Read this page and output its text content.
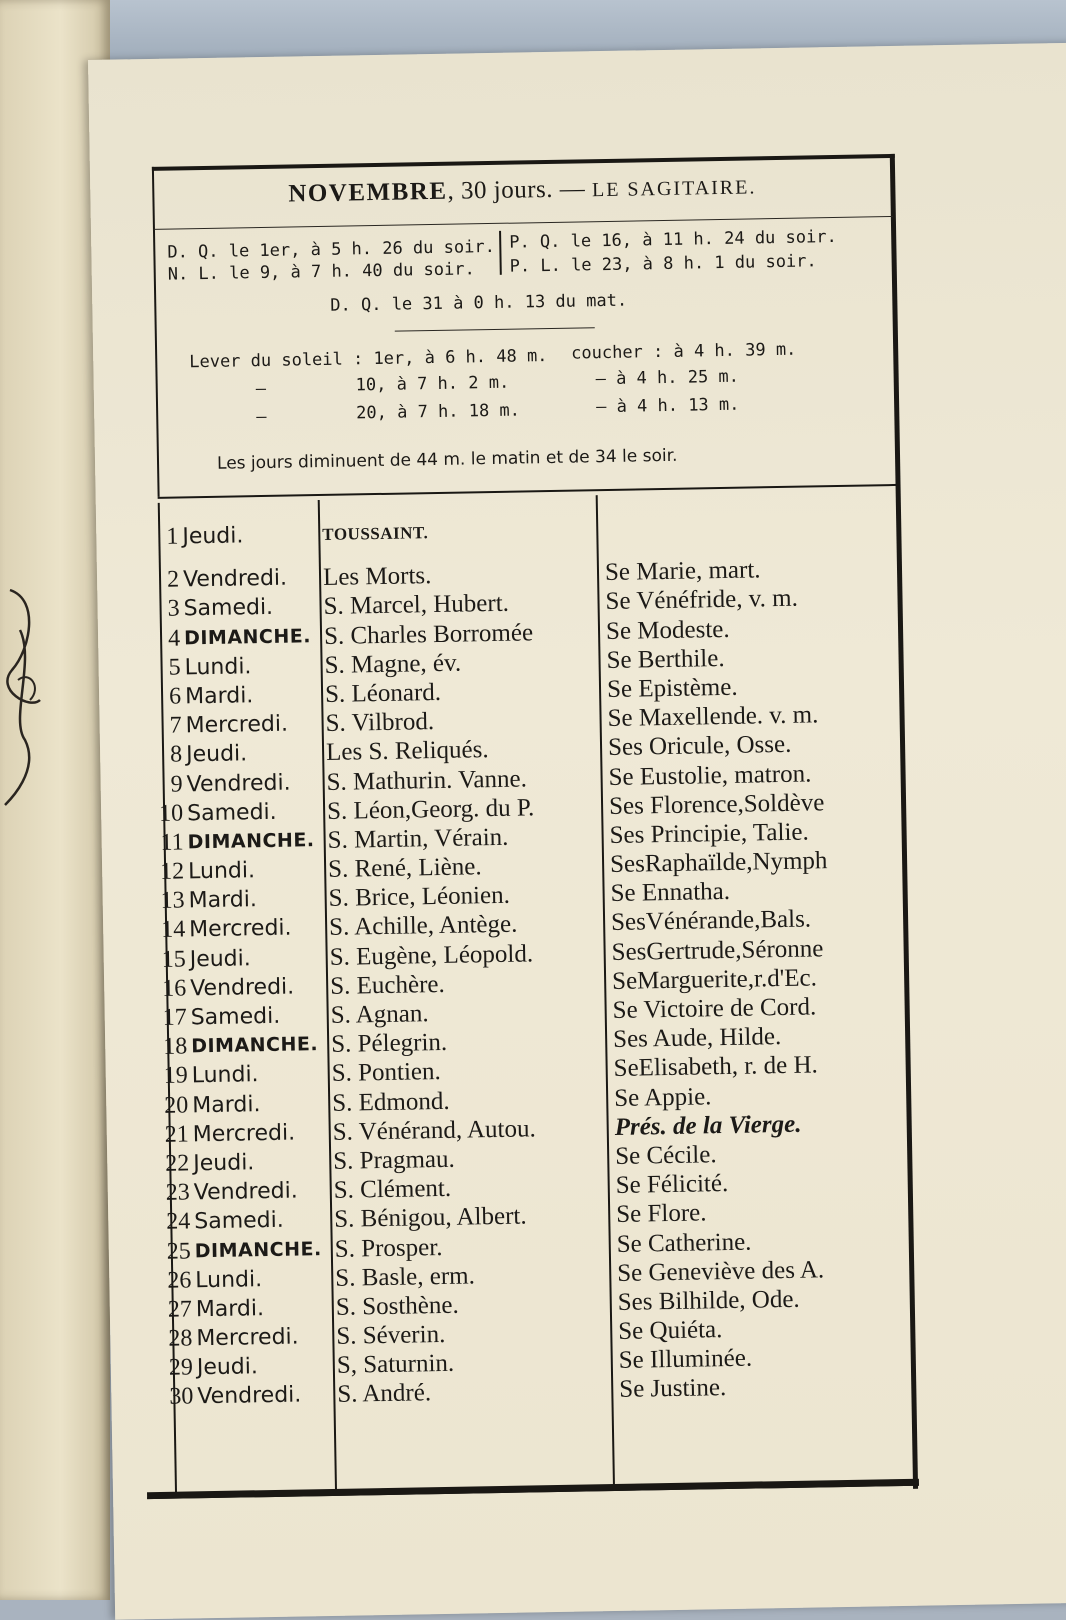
NOVEMBRE, 30 jours. — LE SAGITAIRE.
D. Q. le 1er, à 5 h. 26 du soir.
N. L. le 9, à 7 h. 40 du soir.
P. Q. le 16, à 11 h. 24 du soir.
P. L. le 23, à 8 h. 1 du soir.
D. Q. le 31 à 0 h. 13 du mat.
Lever du soleil : 1er, à 6 h. 48 m. coucher : à 4 h. 39 m.
—	10, à 7 h. 2 m.	— à 4 h. 25 m.
—	20, à 7 h. 18 m.	— à 4 h. 13 m.
Les jours diminuent de 44 m. le matin et de 34 le soir.
1 Jeudi.	TOUSSAINT.
2 Vendredi. Les Morts.	Se Marie, mart.
3 Samedi. S. Marcel, Hubert.	Se Vénéfride, v. m.
4 DIMANCHE. S. Charles Borromée	Se Modeste.
5 Lundi.	S. Magne, év.	Se Berthile.
6 Mardi.	S. Léonard.	Se Epistème.
7 Mercredi. S. Vilbrod.	Se Maxellende. v. m.
8 Jeudi.	Les S. Reliqués.	Ses Oricule, Osse.
9 Vendredi. S. Mathurin. Vanne.	Se Eustolie, matron.
10 Samedi. S. Léon,Georg. du P.	Ses Florence,Soldève
11 DIMANCHE. S. Martin, Vérain.	Ses Principie, Talie.
12 Lundi.	S. René, Liène.	SesRaphaïlde,Nymph
13 Mardi.	S. Brice, Léonien.	Se Ennatha.
14 Mercredi. S. Achille, Antège.	SesVénérande,Bals.
15 Jeudi.	S. Eugène, Léopold.	SesGertrude,Séronne
16 Vendredi. S. Euchère.	SeMarguerite,r.d'Ec.
17 Samedi. S. Agnan.	Se Victoire de Cord.
18 DIMANCHE. S. Pélegrin.	Ses Aude, Hilde.
19 Lundi.	S. Pontien.	SeElisabeth, r. de H.
20 Mardi.	S. Edmond.	Se Appie.
21 Mercredi. S. Vénérand, Autou.	Prés. de la Vierge.
22 Jeudi.	S. Pragmau.	Se Cécile.
23 Vendredi. S. Clément.	Se Félicité.
24 Samedi. S. Bénigou, Albert.	Se Flore.
25 DIMANCHE. S. Prosper.	Se Catherine.
26 Lundi.	S. Basle, erm.	Se Geneviève des A.
27 Mardi.	S. Sosthène.	Ses Bilhilde, Ode.
28 Mercredi. S. Séverin.	Se Quiéta.
29 Jeudi.	S, Saturnin.	Se Illuminée.
30 Vendredi. S. André.	Se Justine.
